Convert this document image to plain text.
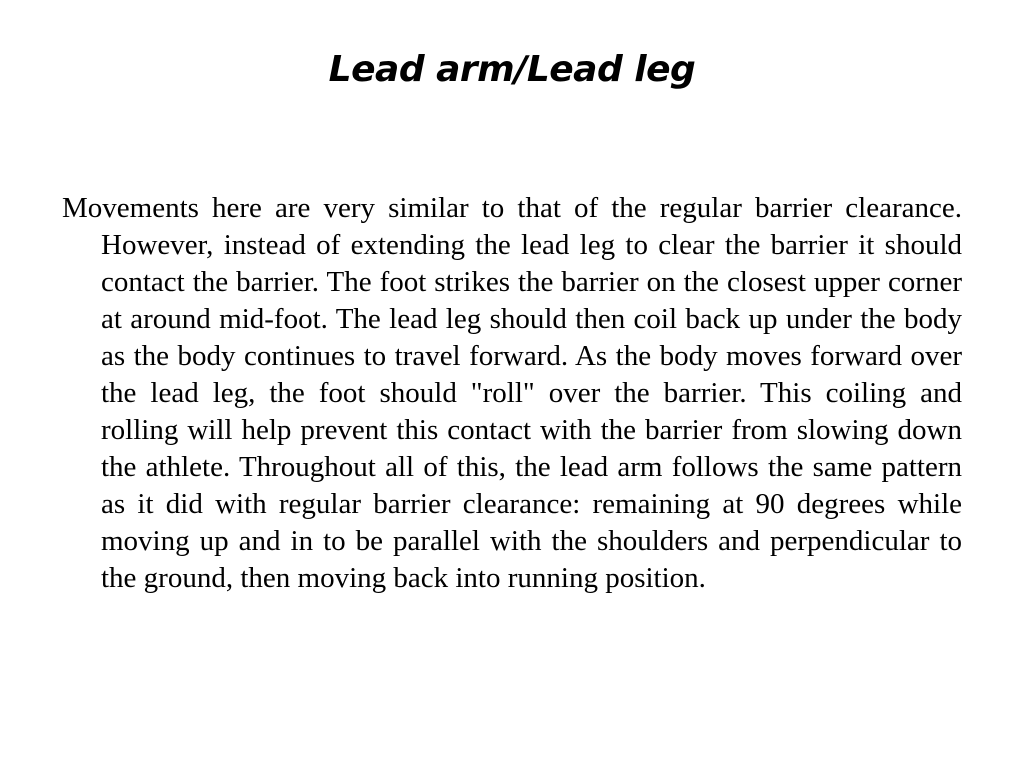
Lead arm/Lead leg

Movements here are very similar to that of the regular barrier clearance. However, instead of extending the lead leg to clear the barrier it should contact the barrier. The foot strikes the barrier on the closest upper corner at around mid-foot. The lead leg should then coil back up under the body as the body continues to travel forward. As the body moves forward over the lead leg, the foot should "roll" over the barrier. This coiling and rolling will help prevent this contact with the barrier from slowing down the athlete. Throughout all of this, the lead arm follows the same pattern as it did with regular barrier clearance: remaining at 90 degrees while moving up and in to be parallel with the shoulders and perpendicular to the ground, then moving back into running position.
